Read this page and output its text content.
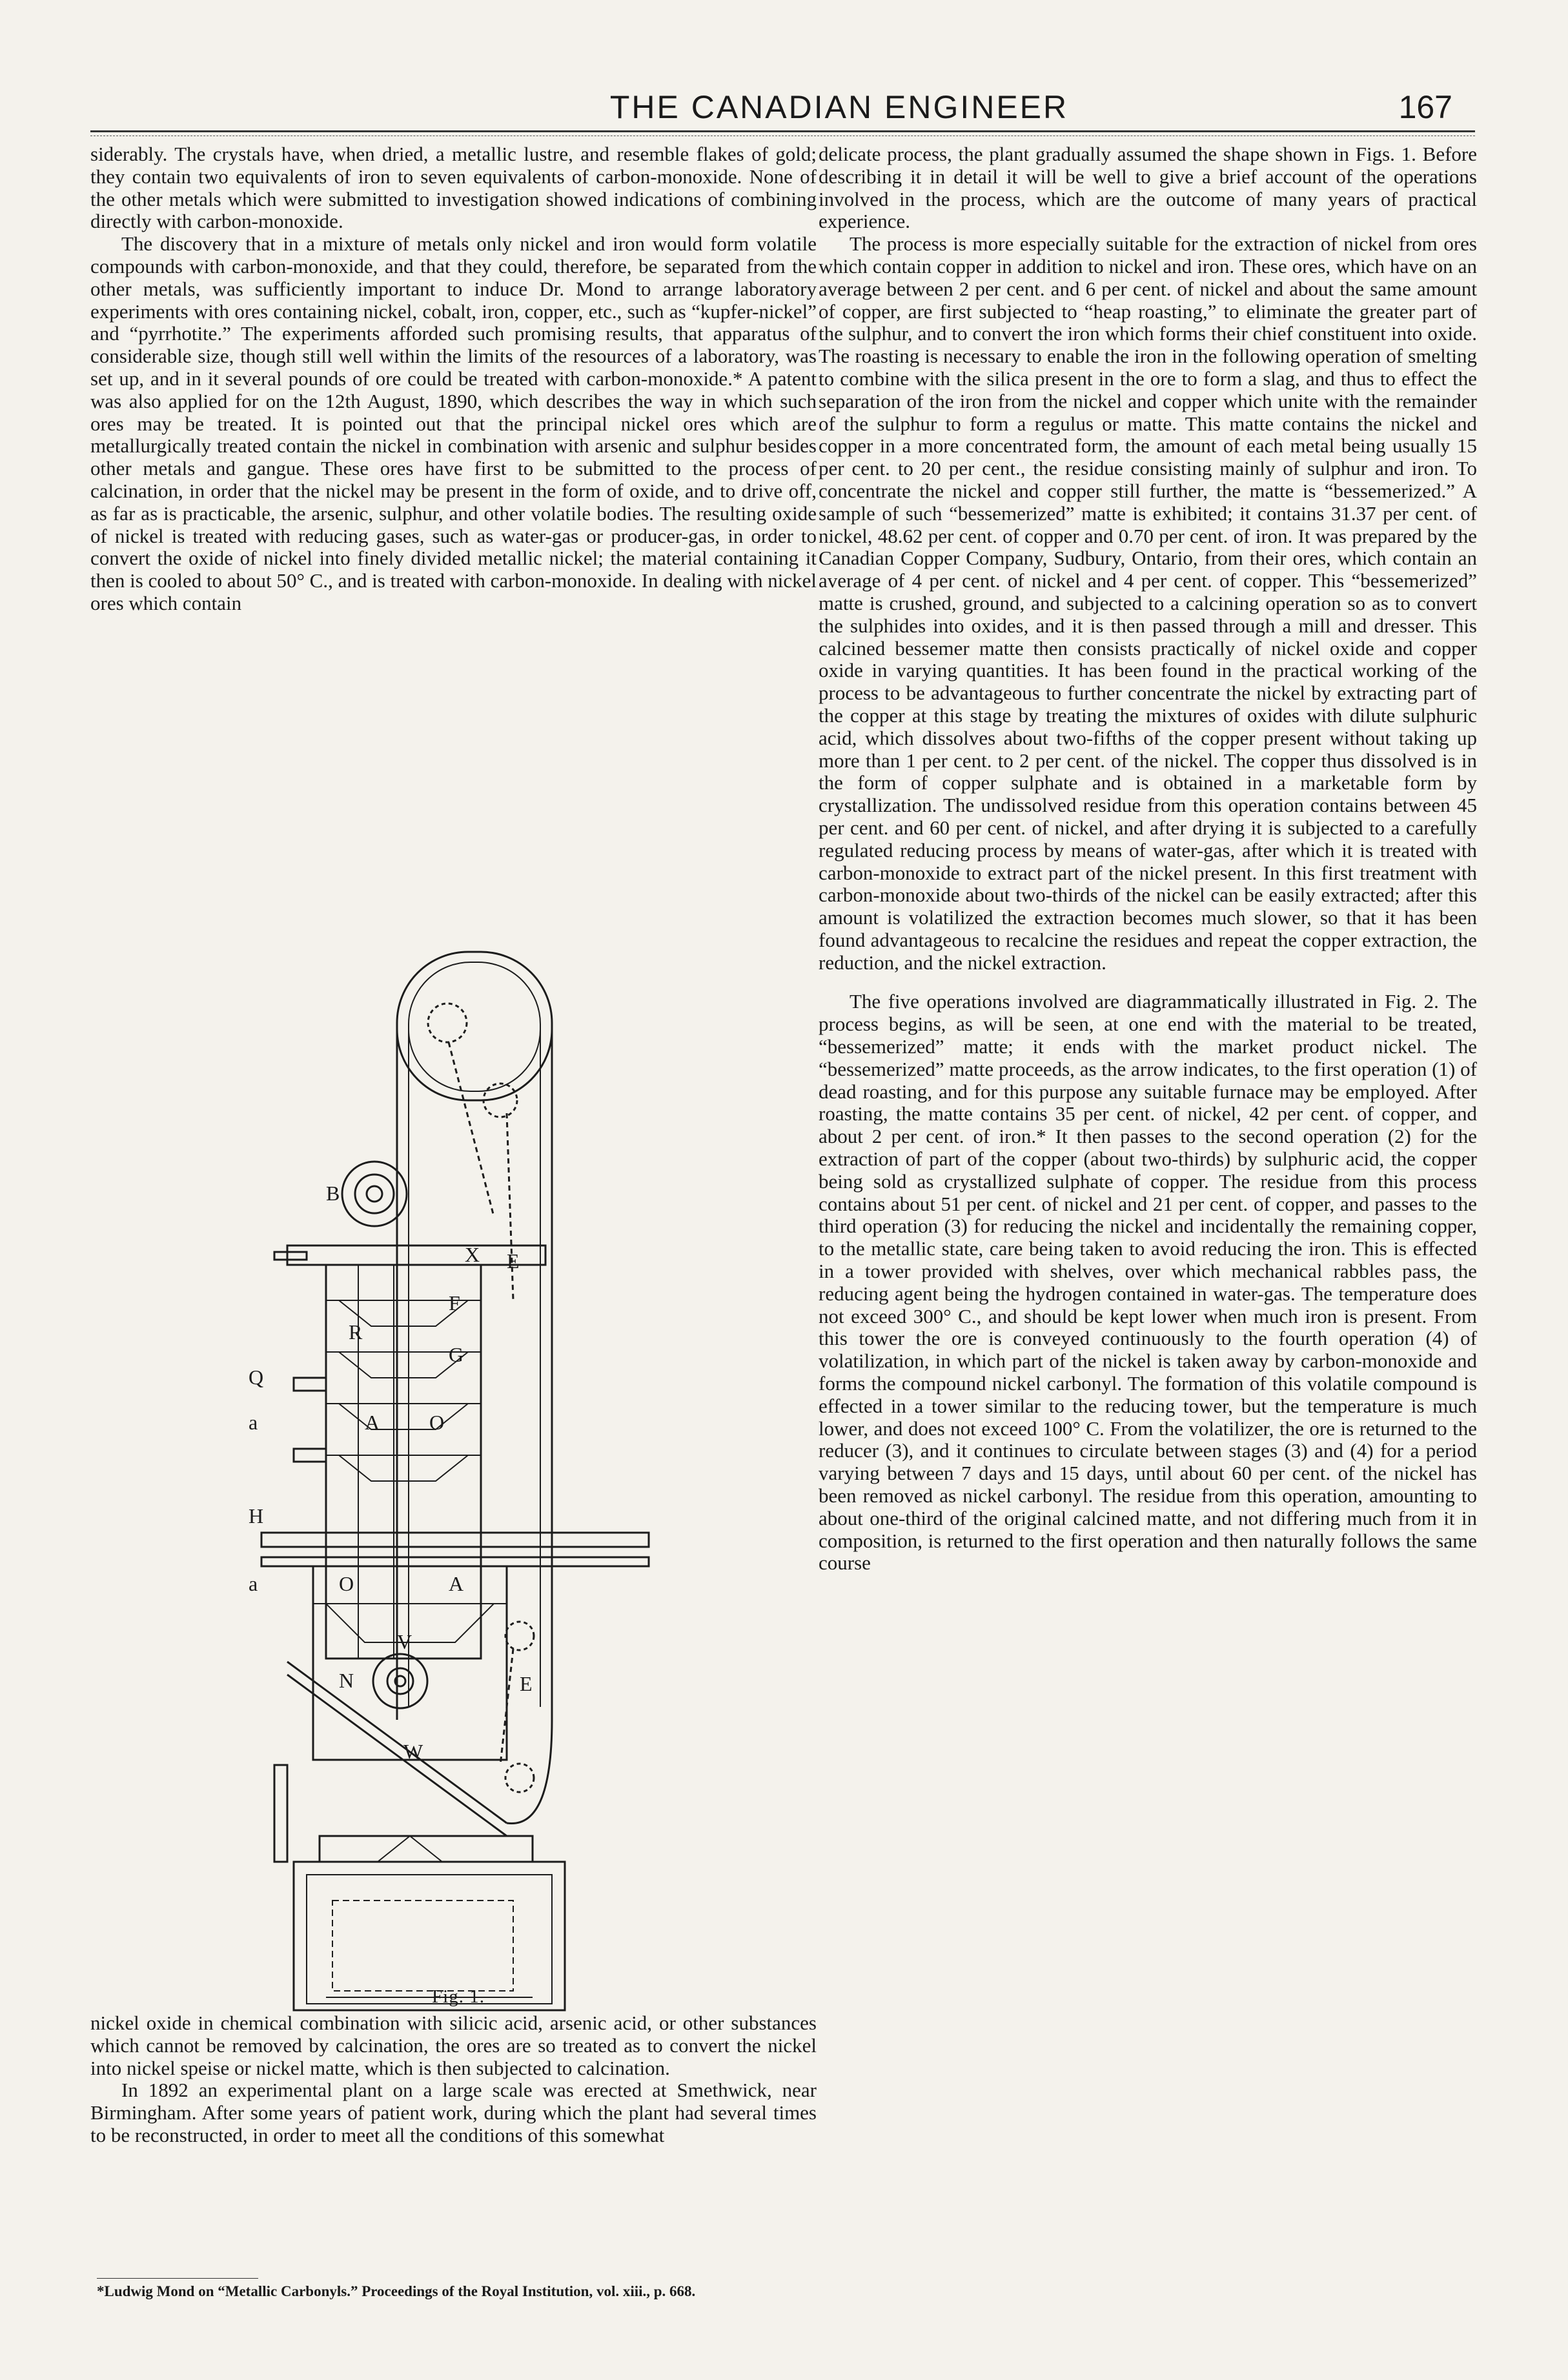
THE CANADIAN ENGINEER	167

siderably. The crystals have, when dried, a metallic lustre, and resemble flakes of gold; they contain two equivalents of iron to seven equivalents of carbon-monoxide. None of the other metals which were submitted to investigation showed indications of combining directly with carbon-monoxide.

The discovery that in a mixture of metals only nickel and iron would form volatile compounds with carbon-monoxide, and that they could, therefore, be separated from the other metals, was sufficiently important to induce Dr. Mond to arrange laboratory experiments with ores containing nickel, cobalt, iron, copper, etc., such as “kupfer-nickel” and “pyrrhotite.” The experiments afforded such promising results, that apparatus of considerable size, though still well within the limits of the resources of a laboratory, was set up, and in it several pounds of ore could be treated with carbon-monoxide.* A patent was also applied for on the 12th August, 1890, which describes the way in which such ores may be treated. It is pointed out that the principal nickel ores which are metallurgically treated contain the nickel in combination with arsenic and sulphur besides other metals and gangue. These ores have first to be submitted to the process of calcination, in order that the nickel may be present in the form of oxide, and to drive off, as far as is practicable, the arsenic, sulphur, and other volatile bodies. The resulting oxide of nickel is treated with reducing gases, such as water-gas or producer-gas, in order to convert the oxide of nickel into finely divided metallic nickel; the material containing it then is cooled to about 50° C., and is treated with carbon-monoxide. In dealing with nickel ores which contain

B
X E
F
R
G
Q
A O
a
H
O	A
a
V
N	E
W
Fig. 1.

nickel oxide in chemical combination with silicic acid, arsenic acid, or other substances which cannot be removed by calcination, the ores are so treated as to convert the nickel into nickel speise or nickel matte, which is then subjected to calcination.

In 1892 an experimental plant on a large scale was erected at Smethwick, near Birmingham. After some years of patient work, during which the plant had several times to be reconstructed, in order to meet all the conditions of this somewhat

*Ludwig Mond on “Metallic Carbonyls.” Proceedings of the Royal Institution, vol. xiii., p. 668.

delicate process, the plant gradually assumed the shape shown in Figs. 1. Before describing it in detail it will be well to give a brief account of the operations involved in the process, which are the outcome of many years of practical experience.

The process is more especially suitable for the extraction of nickel from ores which contain copper in addition to nickel and iron. These ores, which have on an average between 2 per cent. and 6 per cent. of nickel and about the same amount of copper, are first subjected to “heap roasting,” to eliminate the greater part of the sulphur, and to convert the iron which forms their chief constituent into oxide. The roasting is necessary to enable the iron in the following operation of smelting to combine with the silica present in the ore to form a slag, and thus to effect the separation of the iron from the nickel and copper which unite with the remainder of the sulphur to form a regulus or matte. This matte contains the nickel and copper in a more concentrated form, the amount of each metal being usually 15 per cent. to 20 per cent., the residue consisting mainly of sulphur and iron. To concentrate the nickel and copper still further, the matte is “bessemerized.” A sample of such “bessemerized” matte is exhibited; it contains 31.37 per cent. of nickel, 48.62 per cent. of copper and 0.70 per cent. of iron. It was prepared by the Canadian Copper Company, Sudbury, Ontario, from their ores, which contain an average of 4 per cent. of nickel and 4 per cent. of copper. This “bessemerized” matte is crushed, ground, and subjected to a calcining operation so as to convert the sulphides into oxides, and it is then passed through a mill and dresser. This calcined bessemer matte then consists practically of nickel oxide and copper oxide in varying quantities. It has been found in the practical working of the process to be advantageous to further concentrate the nickel by extracting part of the copper at this stage by treating the mixtures of oxides with dilute sulphuric acid, which dissolves about two-fifths of the copper present without taking up more than 1 per cent. to 2 per cent. of the nickel. The copper thus dissolved is in the form of copper sulphate and is obtained in a marketable form by crystallization. The undissolved residue from this operation contains between 45 per cent. and 60 per cent. of nickel, and after drying it is subjected to a carefully regulated reducing process by means of water-gas, after which it is treated with carbon-monoxide to extract part of the nickel present. In this first treatment with carbon-monoxide about two-thirds of the nickel can be easily extracted; after this amount is volatilized the extraction becomes much slower, so that it has been found advantageous to recalcine the residues and repeat the copper extraction, the reduction, and the nickel extraction.

The five operations involved are diagrammatically illustrated in Fig. 2. The process begins, as will be seen, at one end with the material to be treated, “bessemerized” matte; it ends with the market product nickel. The “bessemerized” matte proceeds, as the arrow indicates, to the first operation (1) of dead roasting, and for this purpose any suitable furnace may be employed. After roasting, the matte contains 35 per cent. of nickel, 42 per cent. of copper, and about 2 per cent. of iron.* It then passes to the second operation (2) for the extraction of part of the copper (about two-thirds) by sulphuric acid, the copper being sold as crystallized sulphate of copper. The residue from this process contains about 51 per cent. of nickel and 21 per cent. of copper, and passes to the third operation (3) for reducing the nickel and incidentally the remaining copper, to the metallic state, care being taken to avoid reducing the iron. This is effected in a tower provided with shelves, over which mechanical rabbles pass, the reducing agent being the hydrogen contained in water-gas. The temperature does not exceed 300° C., and should be kept lower when much iron is present. From this tower the ore is conveyed continuously to the fourth operation (4) of volatilization, in which part of the nickel is taken away by carbon-monoxide and forms the compound nickel carbonyl. The formation of this volatile compound is effected in a tower similar to the reducing tower, but the temperature is much lower, and does not exceed 100° C. From the volatilizer, the ore is returned to the reducer (3), and it continues to circulate between stages (3) and (4) for a period varying between 7 days and 15 days, until about 60 per cent. of the nickel has been removed as nickel carbonyl. The residue from this operation, amounting to about one-third of the original calcined matte, and not differing much from it in composition, is returned to the first operation and then naturally follows the same course
